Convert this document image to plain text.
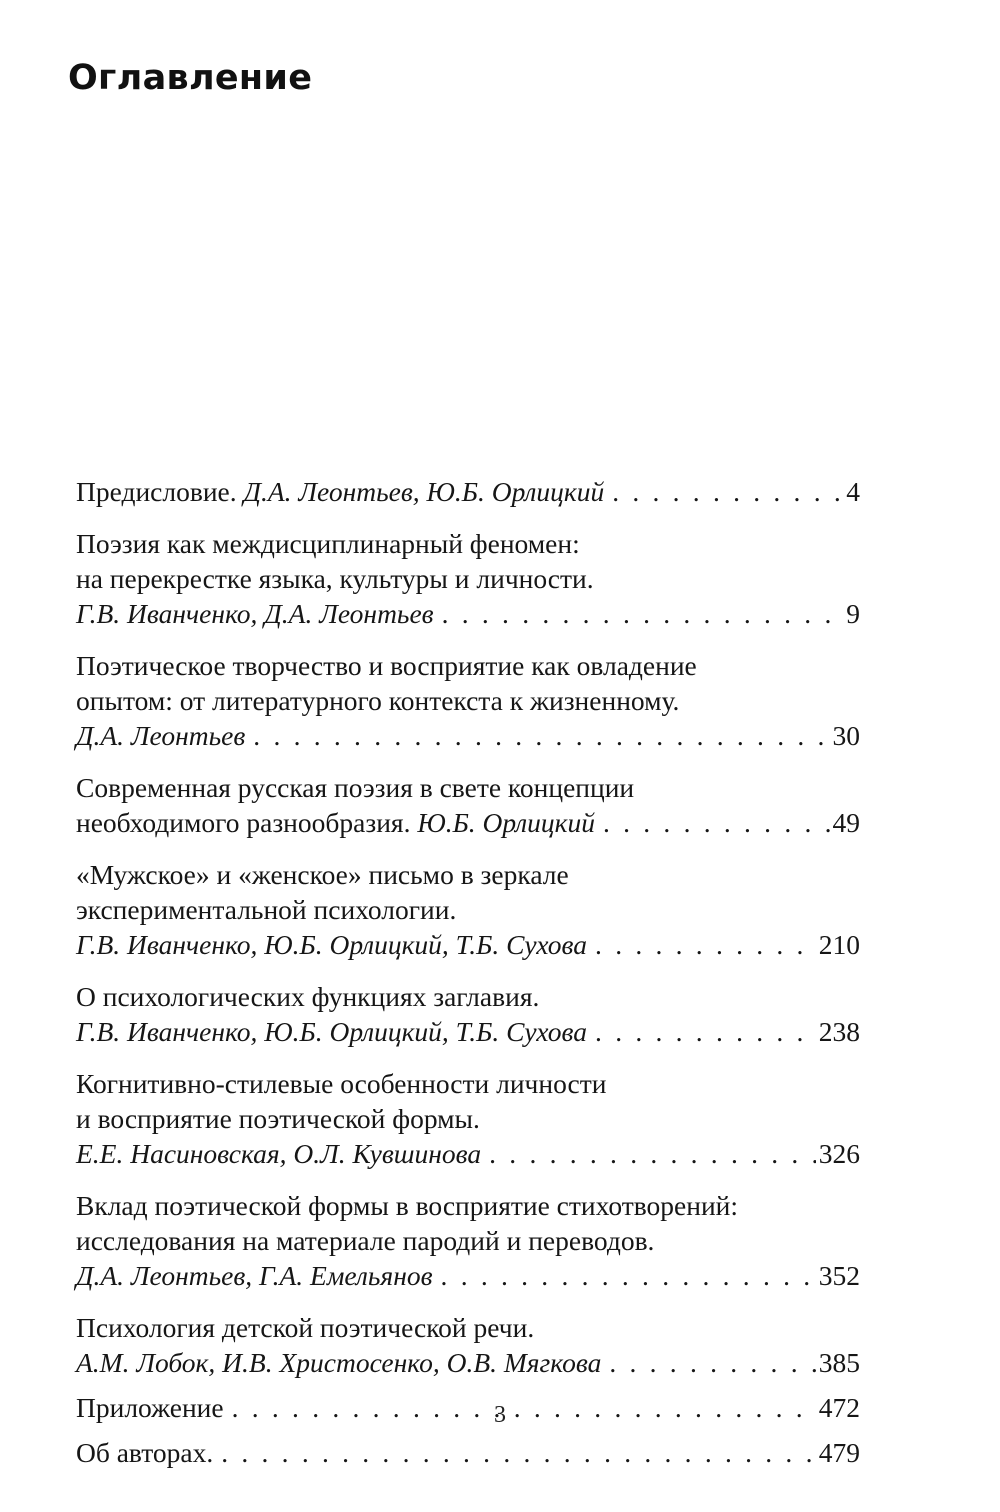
Оглавление
Предисловие. Д.А. Леонтьев, Ю.Б. Орлицкий . . .	4
Поэзия как междисциплинарный феномен:
на перекрестке языка, культуры и личности.
Г.В. Иванченко, Д.А. Леонтьев . . .	9
Поэтическое творчество и восприятие как овладение
опытом: от литературного контекста к жизненному.
Д.А. Леонтьев . . .	30
Современная русская поэзия в свете концепции
необходимого разнообразия. Ю.Б. Орлицкий . . .	49
«Мужское» и «женское» письмо в зеркале
экспериментальной психологии.
Г.В. Иванченко, Ю.Б. Орлицкий, Т.Б. Сухова . . .	210
О психологических функциях заглавия.
Г.В. Иванченко, Ю.Б. Орлицкий, Т.Б. Сухова . . .	238
Когнитивно-стилевые особенности личности
и восприятие поэтической формы.
Е.Е. Насиновская, О.Л. Кувшинова . . .	326
Вклад поэтической формы в восприятие стихотворений:
исследования на материале пародий и переводов.
Д.А. Леонтьев, Г.А. Емельянов . . .	352
Психология детской поэтической речи.
А.М. Лобок, И.В. Христосенко, О.В. Мягкова . . .	385
Приложение . . .	472
Об авторах. . . .	479
3
